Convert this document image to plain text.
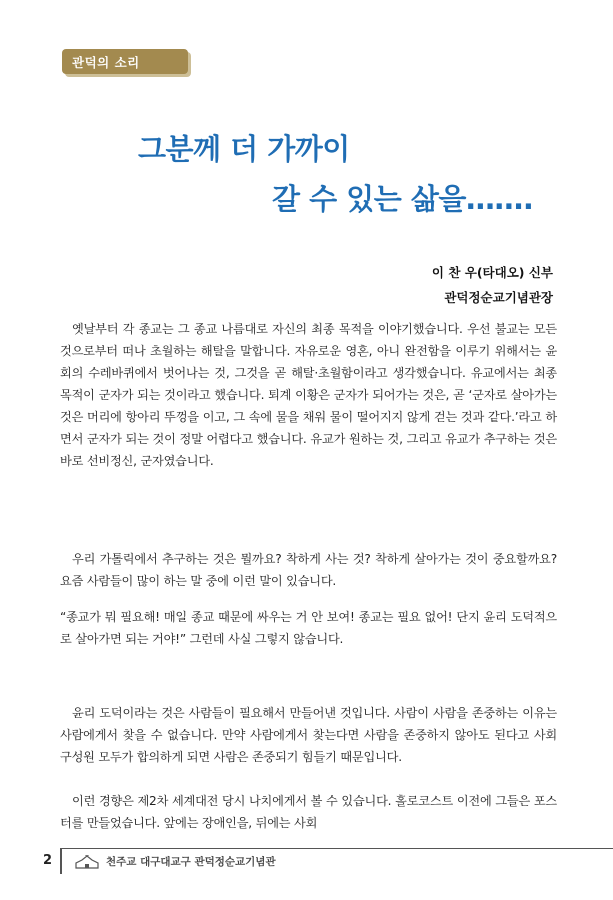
관덕의 소리
그분께 더 가까이
갈 수 있는 삶을…….
이 찬 우(타대오) 신부
관덕정순교기념관장

옛날부터 각 종교는 그 종교 나름대로 자신의 최종 목적을 이야기했습니다. 우선 불교는 모든 것으로부터 떠나 초월하는 해탈을 말합니다. 자유로운 영혼, 아니 완전함을 이루기 위해서는 윤회의 수레바퀴에서 벗어나는 것, 그것을 곧 해탈·초월함이라고 생각했습니다. 유교에서는 최종 목적이 군자가 되는 것이라고 했습니다. 퇴계 이황은 군자가 되어가는 것은, 곧 ‘군자로 살아가는 것은 머리에 항아리 뚜껑을 이고, 그 속에 물을 채워 물이 떨어지지 않게 걷는 것과 같다.’라고 하면서 군자가 되는 것이 정말 어렵다고 했습니다. 유교가 원하는 것, 그리고 유교가 추구하는 것은 바로 선비정신, 군자였습니다.

우리 가톨릭에서 추구하는 것은 뭘까요? 착하게 사는 것? 착하게 살아가는 것이 중요할까요? 요즘 사람들이 많이 하는 말 중에 이런 말이 있습니다.

“종교가 뭐 필요해! 매일 종교 때문에 싸우는 거 안 보여! 종교는 필요 없어! 단지 윤리 도덕적으로 살아가면 되는 거야!” 그런데 사실 그렇지 않습니다.

윤리 도덕이라는 것은 사람들이 필요해서 만들어낸 것입니다. 사람이 사람을 존중하는 이유는 사람에게서 찾을 수 없습니다. 만약 사람에게서 찾는다면 사람을 존중하지 않아도 된다고 사회 구성원 모두가 합의하게 되면 사람은 존중되기 힘들기 때문입니다.

이런 경향은 제2차 세계대전 당시 나치에게서 볼 수 있습니다. 홀로코스트 이전에 그들은 포스터를 만들었습니다. 앞에는 장애인을, 뒤에는 사회

2	천주교 대구대교구 관덕정순교기념관
